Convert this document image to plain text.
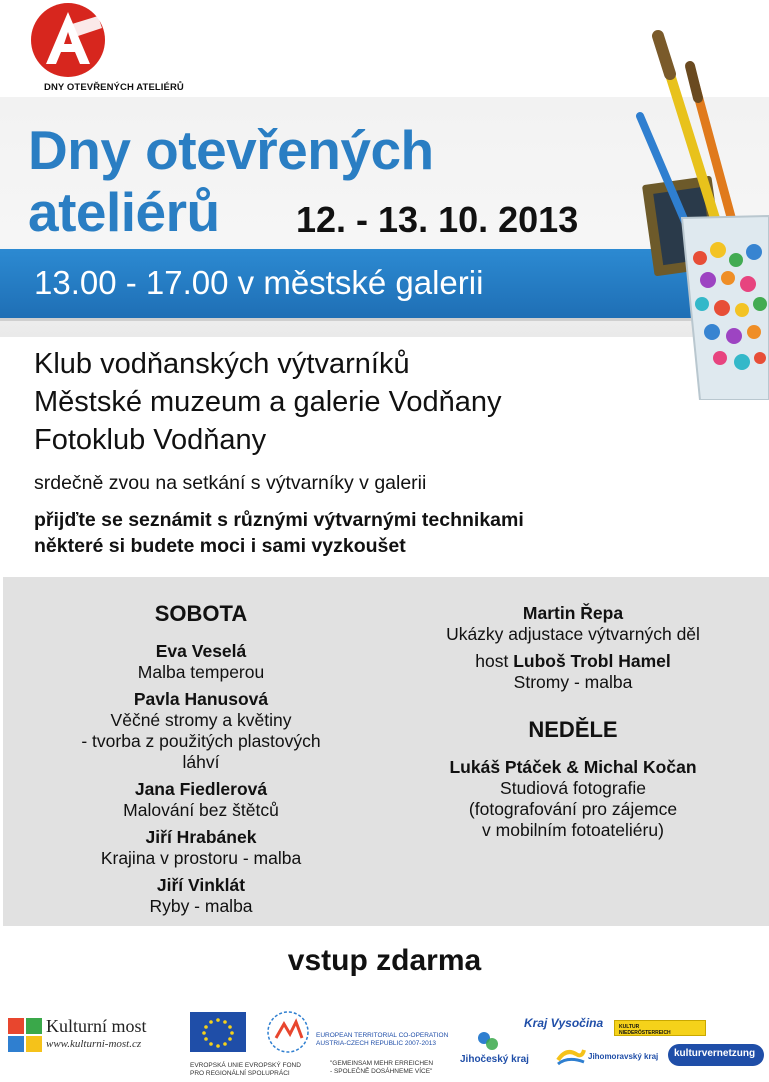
DNY OTEVŘENÝCH ATELIÉRŮ
Dny otevřených
ateliérů 12. - 13. 10. 2013
13.00 - 17.00 v městské galerii
Klub vodňanských výtvarníků
Městské muzeum a galerie Vodňany
Fotoklub Vodňany
srdečně zvou na setkání s výtvarníky v galerii
přijďte se seznámit s různými výtvarnými technikami
některé si budete moci i sami vyzkoušet
SOBOTA
Eva Veselá
Malba temperou
Pavla Hanusová
Věčné stromy a květiny
- tvorba z použitých plastových láhví
Jana Fiedlerová
Malování bez štětců
Jiří Hrabánek
Krajina v prostoru - malba
Jiří Vinklát
Ryby - malba
Martin Řepa
Ukázky adjustace výtvarných děl
host Luboš Trobl Hamel
Stromy - malba
NEDĚLE
Lukáš Ptáček & Michal Kočan
Studiová fotografie
(fotografování pro zájemce
v mobilním fotoateliéru)
vstup zdarma
Kulturní most
www.kulturni-most.cz
EVROPSKÁ UNIE EVROPSKÝ FOND
PRO REGIONÁLNÍ SPOLUPRÁCI
EUROPEAN TERRITORIAL CO-OPERATION
AUSTRIA-CZECH REPUBLIC 2007-2013
"GEMEINSAM MEHR ERREICHEN
- SPOLEČNĚ DOSÁHNEME VÍCE"
Jihočeský kraj
Kraj Vysočina
Jihomoravský kraj
KULTUR NIEDERÖSTERREICH
kulturvernetzung
